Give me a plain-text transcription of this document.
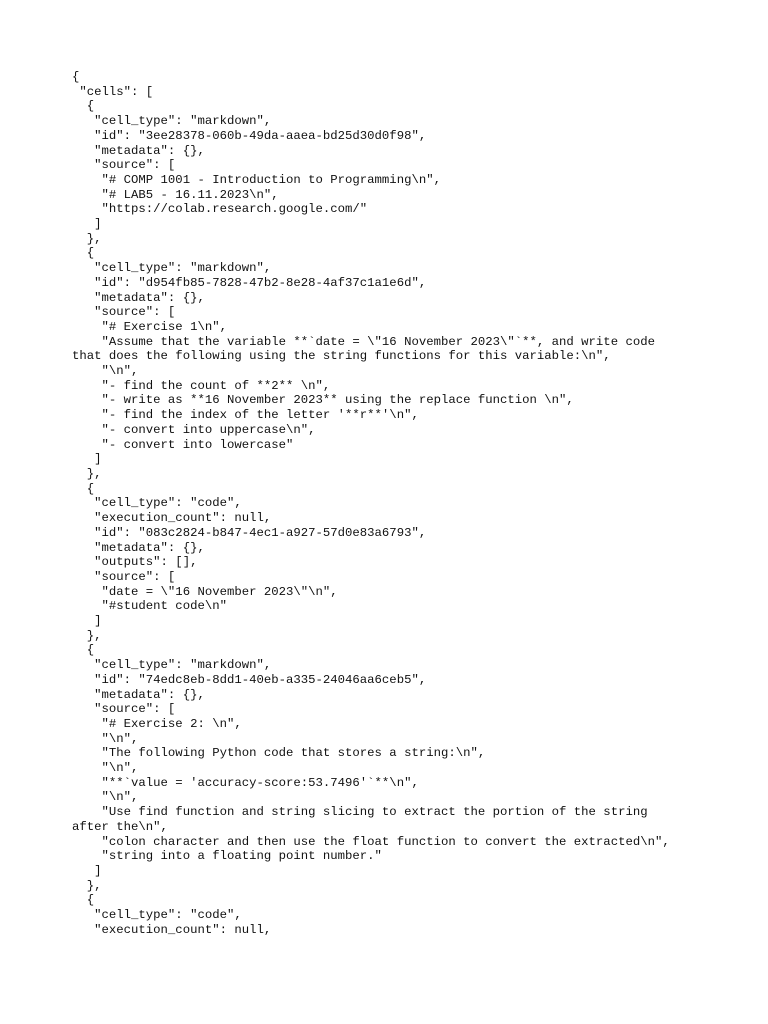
{
"cells": [
{
"cell_type": "markdown",
"id": "3ee28378-060b-49da-aaea-bd25d30d0f98",
"metadata": {},
"source": [
"# COMP 1001 - Introduction to Programming\n",
"# LAB5 - 16.11.2023\n",
"https://colab.research.google.com/"
]
},
{
"cell_type": "markdown",
"id": "d954fb85-7828-47b2-8e28-4af37c1a1e6d",
"metadata": {},
"source": [
"# Exercise 1\n",
"Assume that the variable **`date = \"16 November 2023\"`**, and write code
that does the following using the string functions for this variable:\n",
"\n",
"- find the count of **2** \n",
"- write as **16 November 2023** using the replace function \n",
"- find the index of the letter '**r**'\n",
"- convert into uppercase\n",
"- convert into lowercase"
]
},
{
"cell_type": "code",
"execution_count": null,
"id": "083c2824-b847-4ec1-a927-57d0e83a6793",
"metadata": {},
"outputs": [],
"source": [
"date = \"16 November 2023\"\n",
"#student code\n"
]
},
{
"cell_type": "markdown",
"id": "74edc8eb-8dd1-40eb-a335-24046aa6ceb5",
"metadata": {},
"source": [
"# Exercise 2: \n",
"\n",
"The following Python code that stores a string:\n",
"\n",
"**`value = 'accuracy-score:53.7496'`**\n",
"\n",
"Use find function and string slicing to extract the portion of the string
after the\n",
"colon character and then use the float function to convert the extracted\n",
"string into a floating point number."
]
},
{
"cell_type": "code",
"execution_count": null,
